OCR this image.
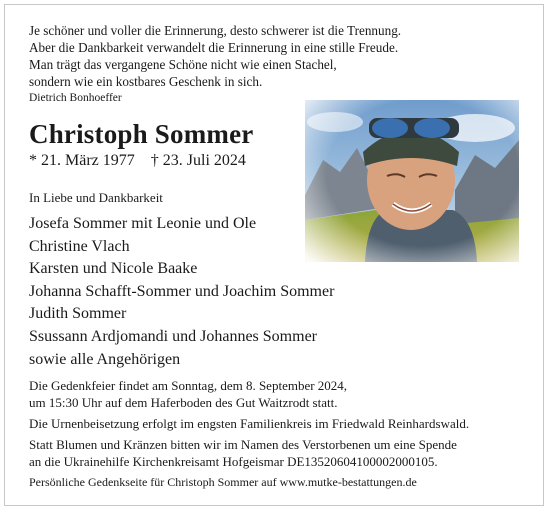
Je schöner und voller die Erinnerung, desto schwerer ist die Trennung.
Aber die Dankbarkeit verwandelt die Erinnerung in eine stille Freude.
Man trägt das vergangene Schöne nicht wie einen Stachel,
sondern wie ein kostbares Geschenk in sich.
Dietrich Bonhoeffer
Christoph Sommer
* 21. März 1977 † 23. Juli 2024
In Liebe und Dankbarkeit
Josefa Sommer mit Leonie und Ole
Christine Vlach
Karsten und Nicole Baake
Johanna Schafft-Sommer und Joachim Sommer
Judith Sommer
Ssussann Ardjomandi und Johannes Sommer
sowie alle Angehörigen

Die Gedenkfeier findet am Sonntag, dem 8. September 2024,
um 15:30 Uhr auf dem Haferboden des Gut Waitzrodt statt.

Die Urnenbeisetzung erfolgt im engsten Familienkreis im Friedwald Reinhardswald.

Statt Blumen und Kränzen bitten wir im Namen des Verstorbenen um eine Spende
an die Ukrainehilfe Kirchenkreisamt Hofgeismar DE13520604100002000105.

Persönliche Gedenkseite für Christoph Sommer auf www.mutke-bestattungen.de
